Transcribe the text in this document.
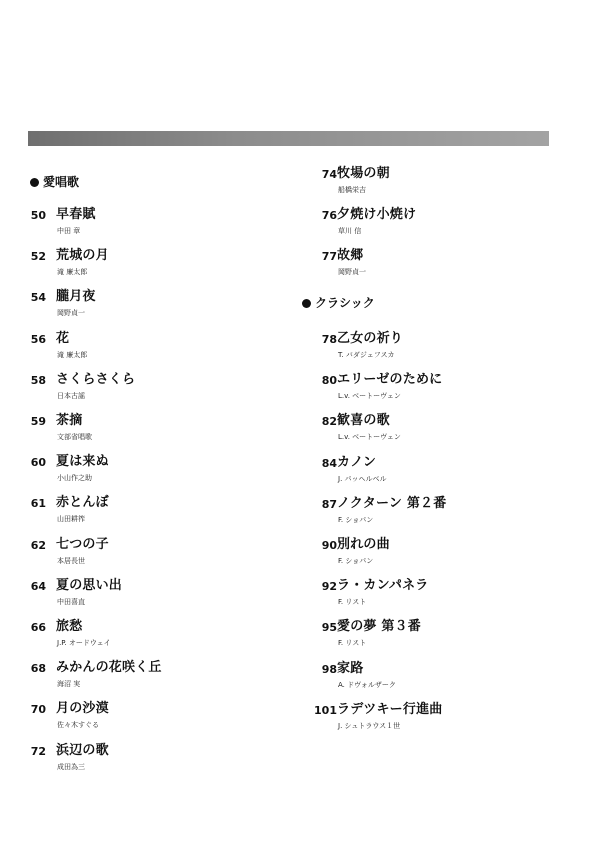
愛唱歌
50 早春賦
中田 章
52 荒城の月
滝 廉太郎
54 朧月夜
岡野貞一
56 花
滝 廉太郎
58 さくらさくら
日本古謡
59 茶摘
文部省唱歌
60 夏は来ぬ
小山作之助
61 赤とんぼ
山田耕筰
62 七つの子
本居長世
64 夏の思い出
中田喜直
66 旅愁
J.P. オードウェイ
68 みかんの花咲く丘
海沼 実
70 月の沙漠
佐々木すぐる
72 浜辺の歌
成田為三
74 牧場の朝
船橋栄吉
76 夕焼け小焼け
草川 信
77 故郷
岡野貞一
クラシック
78 乙女の祈り
T. バダジェフスカ
80 エリーゼのために
L.v. ベートーヴェン
82 歓喜の歌
L.v. ベートーヴェン
84 カノン
J. パッヘルベル
87 ノクターン 第２番
F. ショパン
90 別れの曲
F. ショパン
92 ラ・カンパネラ
F. リスト
95 愛の夢 第３番
F. リスト
98 家路
A. ドヴォルザーク
101 ラデツキー行進曲
J. シュトラウス１世
